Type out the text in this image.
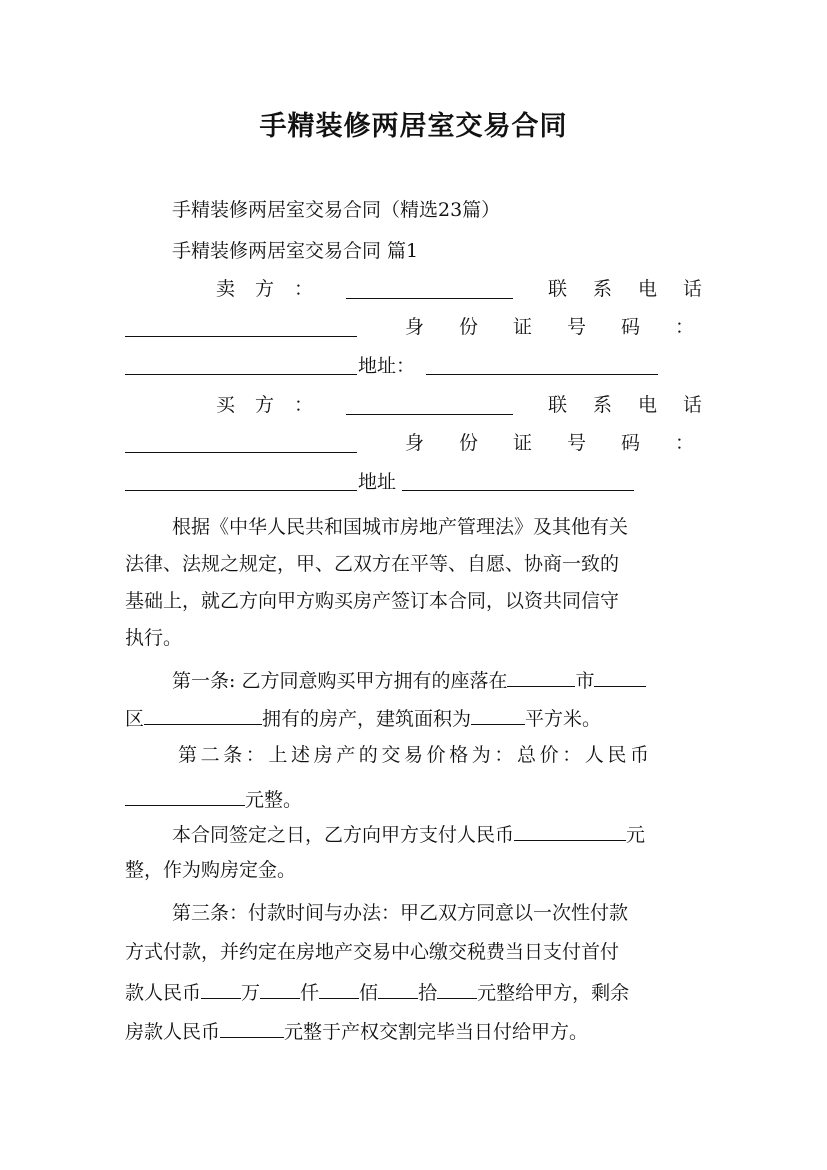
手精装修两居室交易合同
手精装修两居室交易合同（精选23篇）
手精装修两居室交易合同 篇1
卖方：	联系电话
身份证号码：
地址：
买方：	联系电话
身份证号码：
地址
根据《中华人民共和国城市房地产管理法》及其他有关
法律、法规之规定，甲、乙双方在平等、自愿、协商一致的
基础上，就乙方向甲方购买房产签订本合同，以资共同信守
执行。
第一条: 乙方同意购买甲方拥有的座落在	市
区	拥有的房产，建筑面积为	平方米。
第二条：上述房产的交易价格为：总价：人民币
元整。
本合同签定之日，乙方向甲方支付人民币	元
整，作为购房定金。
第三条：付款时间与办法：甲乙双方同意以一次性付款
方式付款，并约定在房地产交易中心缴交税费当日支付首付
款人民币 万 仟 佰 拾 元整给甲方，剩余
房款人民币	元整于产权交割完毕当日付给甲方。
